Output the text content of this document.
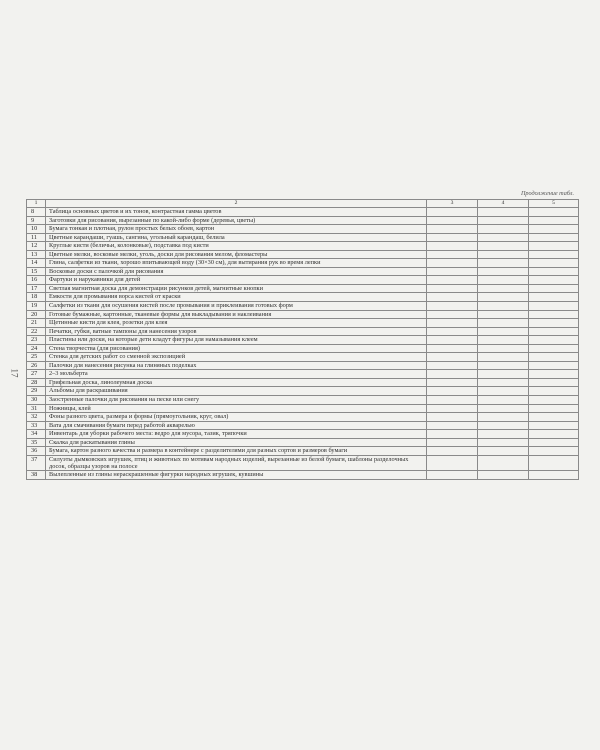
17
Продолжение табл.
1	2	3	4	5
8	Таблица основных цветов и их тонов, контрастная гамма цветов			
9	Заготовки для рисования, вырезанные по какой-либо форме (деревья, цветы)			
10	Бумага тонкая и плотная, рулон простых белых обоев, картон			
11	Цветные карандаши, гуашь, сангина, угольный карандаш, белила			
12	Круглые кисти (беличьи, колонковые), подставка под кисти			
13	Цветные мелки, восковые мелки, уголь, доски для рисования мелом, фломастеры			
14	Глина, салфетки из ткани, хорошо впитывающей воду (30×30 см), для вытирания рук во время лепки			
15	Восковые доски с палочкой для рисования			
16	Фартуки и нарукавники для детей			
17	Светлая магнитная доска для демонстрации рисунков детей, магнитные кнопки			
18	Емкости для промывания ворса кистей от краски			
19	Салфетки из ткани для осушения кистей после промывания и приклеивания готовых форм			
20	Готовые бумажные, картонные, тканевые формы для выкладывания и наклеивания			
21	Щетинные кисти для клея, розетки для клея			
22	Печатки, губки, ватные тампоны для нанесения узоров			
23	Пластины или доски, на которые дети кладут фигуры для намазывания клеем			
24	Стена творчества (для рисования)			
25	Стенка для детских работ со сменной экспозицией			
26	Палочки для нанесения рисунка на глиняных поделках			
27	2–3 мольберта			
28	Грифельная доска, линолеумная доска			
29	Альбомы для раскрашивания			
30	Заостренные палочки для рисования на песке или снегу			
31	Ножницы, клей			
32	Фоны разного цвета, размера и формы (прямоугольник, круг, овал)			
33	Вата для смачивания бумаги перед работой акварелью			
34	Инвентарь для уборки рабочего места: ведро для мусора, тазик, тряпочки			
35	Скалка для раскатывания глины			
36	Бумага, картон разного качества и размера в контейнере с разделителями для разных сортов и размеров бумаги			
37	Силуэты дымковских игрушек, птиц и животных по мотивам народных изделий, вырезанные из белой бумаги, шаблоны разделочных досок, образцы узоров на полосе			
38	Вылепленные из глины нераскрашенные фигурки народных игрушек, кувшины			
